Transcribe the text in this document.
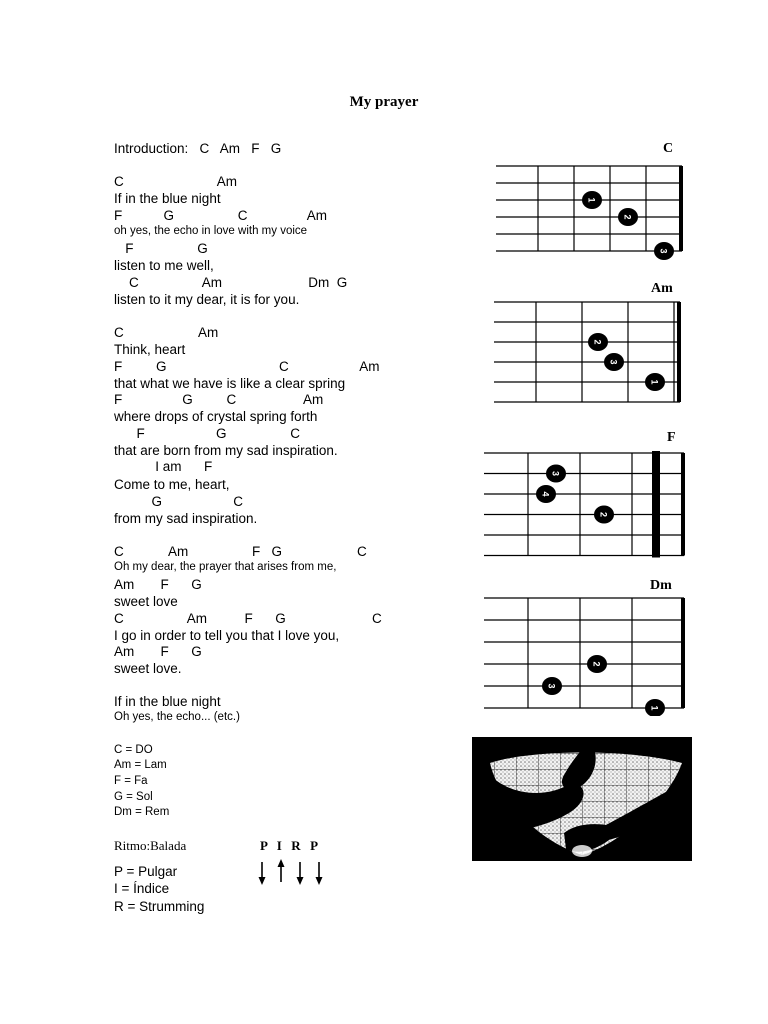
My prayer
Introduction:   C   Am   F   G
C                         Am
If in the blue night
F           G                 C                Am
oh yes, the echo in love with my voice
F                 G
listen to me well,
C                 Am                       Dm  G
listen to it my dear, it is for you.
C                    Am
Think, heart
F         G                              C                   Am
that what we have is like a clear spring
F                G         C                  Am
where drops of crystal spring forth
F                   G                 C
that are born from my sad inspiration.
I am      F
Come to me, heart,
G                   C
from my sad inspiration.
C            Am                 F   G                    C
Oh my dear, the prayer that arises from me,
Am       F      G
sweet love
C                 Am          F      G                       C
I go in order to tell you that I love you,
Am       F      G
sweet love.
If in the blue night
Oh yes, the echo... (etc.)
C = DO
Am = Lam
F = Fa
G = Sol
Dm = Rem
Ritmo:Balada	P  I  R  P
P = Pulgar
I = Índice
R = Strumming
C
1
2
3
Am
2
3
1
F
3
4
2
Dm
2
3
1
C
